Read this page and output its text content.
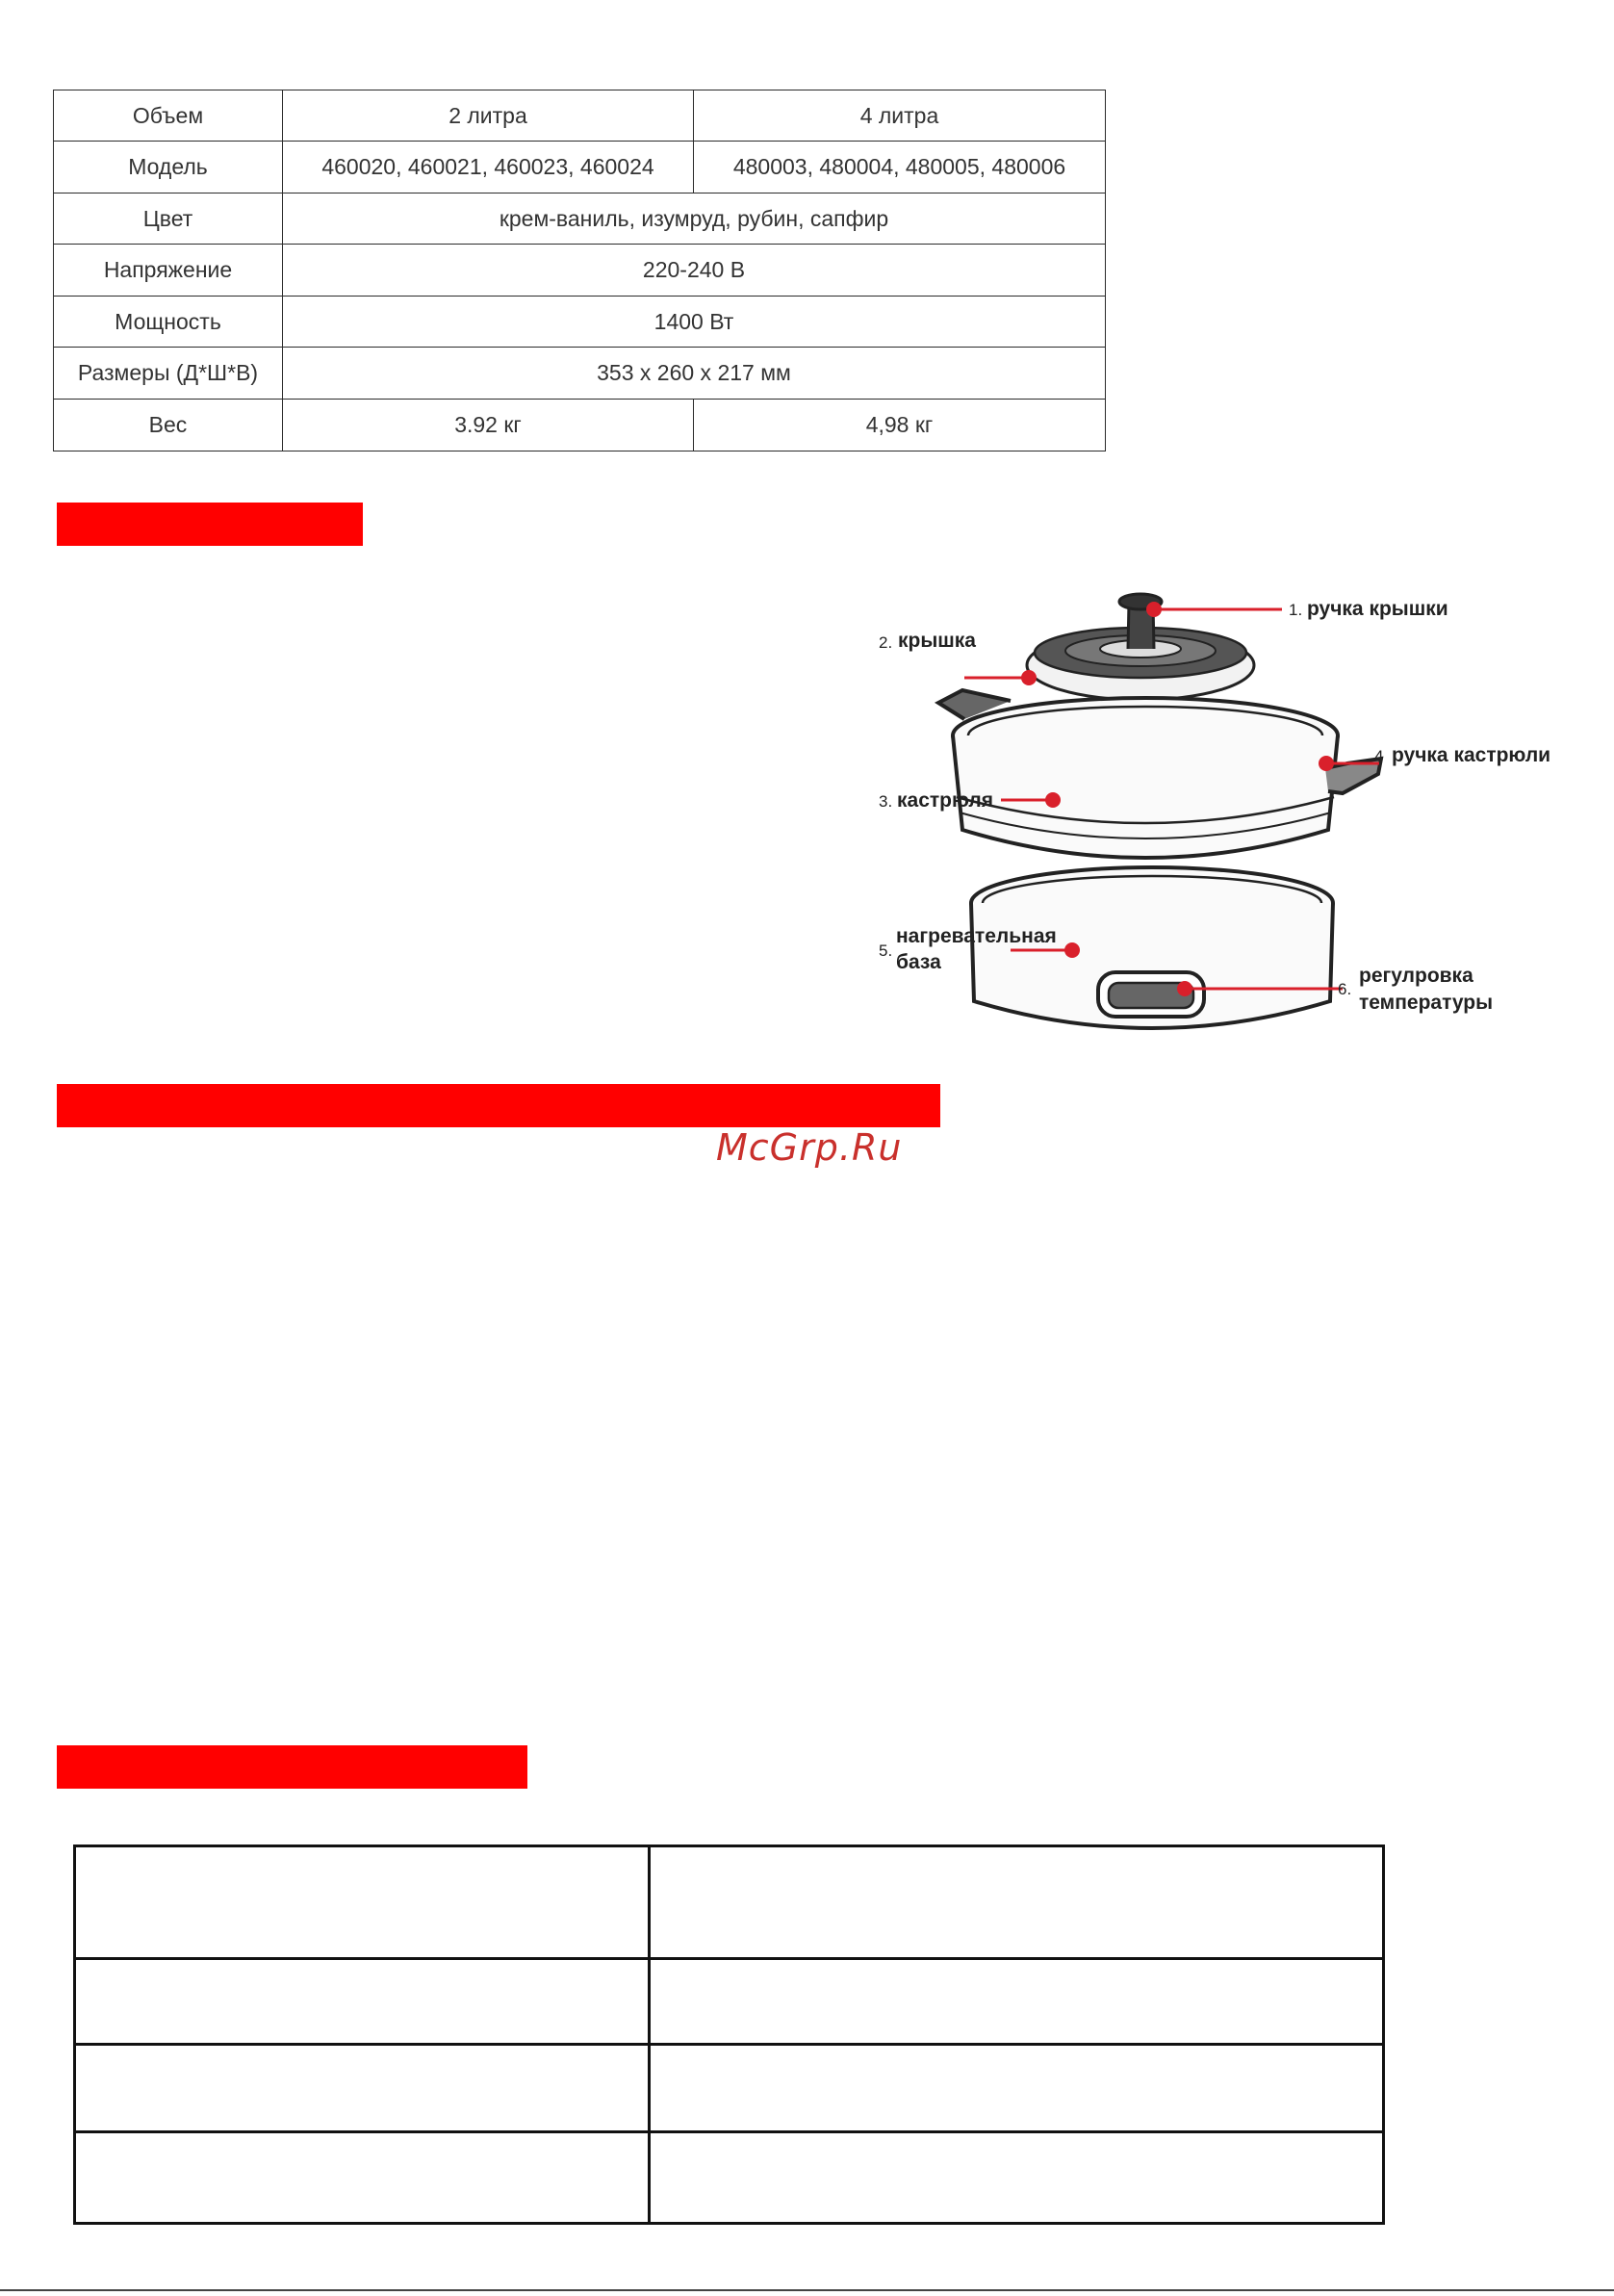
Объем	2 литра	4 литра
Модель	460020, 460021, 460023, 460024	480003, 480004, 480005, 480006
Цвет	крем-ваниль, изумруд, рубин, сапфир	
Напряжение	220-240 В	
Мощность	1400 Вт	
Размеры (Д*Ш*В)	353 х 260 х 217 мм	
Вес	3.92 кг	4,98 кг
1. ручка крышки
2. крышка
3. кастрюля
4 ручка кастрюли
5.
нагревательная
база
6.
регулровка
температуры
McGrp.Ru
